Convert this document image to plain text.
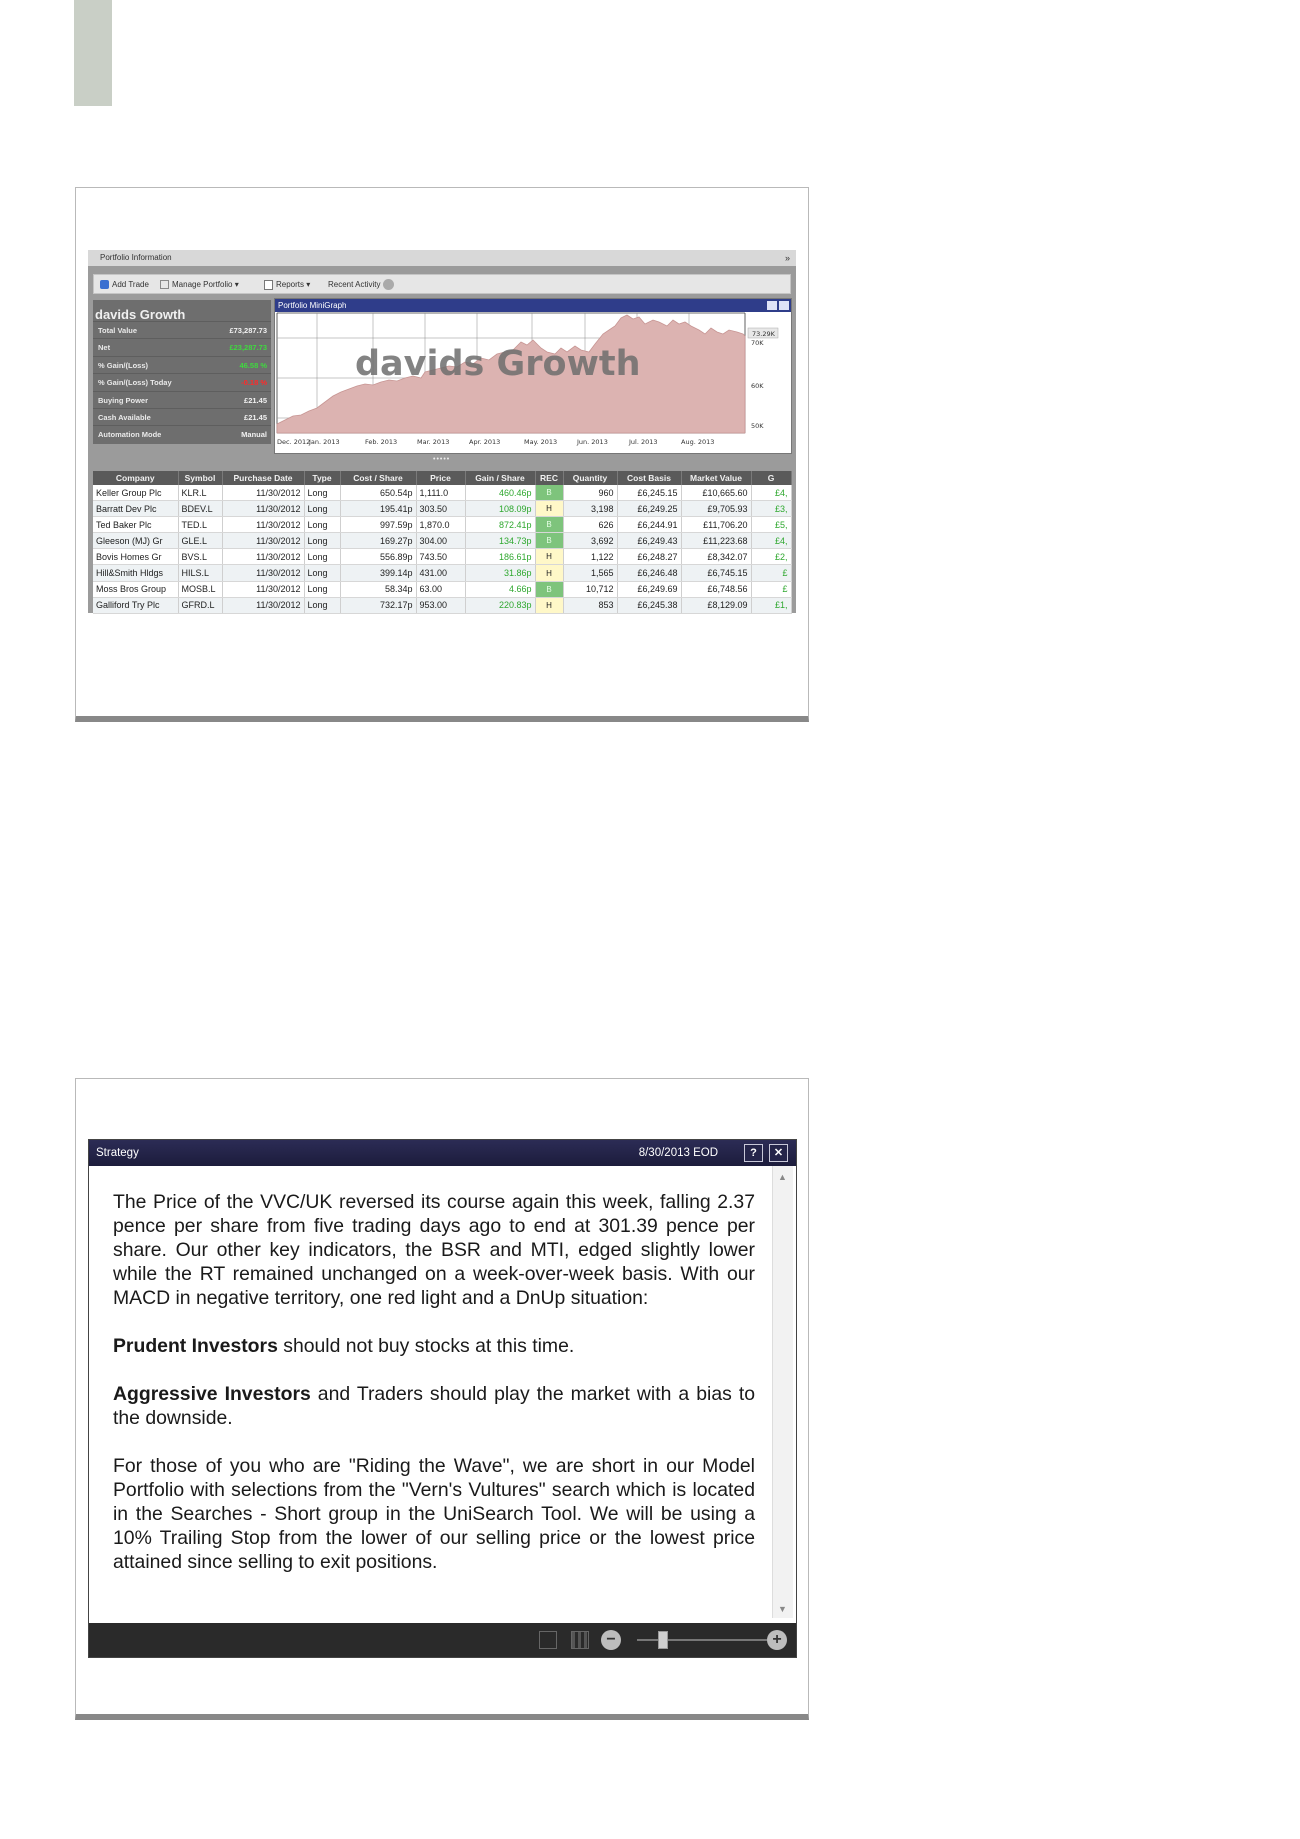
Portfolio Information	»
Add Trade	Manage Portfolio ▾	Reports ▾ Recent Activity
davids Growth
Total Value	£73,287.73
Net	£23,287.73
% Gain/(Loss)	46.58 %
% Gain/(Loss) Today	-0.18 %
Buying Power	£21.45
Cash Available	£21.45
Automation Mode	Manual
Portfolio MiniGraph
davids Growth
73.29K
70K
60K
50K
Dec. 2012
Jan. 2013	Feb. 2013	Mar. 2013	Apr. 2013	May. 2013	Jun. 2013	Jul. 2013	Aug. 2013
•••••
Company	Symbol	Purchase Date	Type	Cost / Share	Price	Gain / Share	REC	Quantity	Cost Basis	Market Value	G
Keller Group Plc	KLR.L	11/30/2012	Long	650.54p	1,111.0	460.46p	B	960	£6,245.15	£10,665.60	£4,
Barratt Dev Plc	BDEV.L	11/30/2012	Long	195.41p	303.50	108.09p	H	3,198	£6,249.25	£9,705.93	£3,
Ted Baker Plc	TED.L	11/30/2012	Long	997.59p	1,870.0	872.41p	B	626	£6,244.91	£11,706.20	£5,
Gleeson (MJ) Gr	GLE.L	11/30/2012	Long	169.27p	304.00	134.73p	B	3,692	£6,249.43	£11,223.68	£4,
Bovis Homes Gr	BVS.L	11/30/2012	Long	556.89p	743.50	186.61p	H	1,122	£6,248.27	£8,342.07	£2,
Hill&Smith Hldgs	HILS.L	11/30/2012	Long	399.14p	431.00	31.86p	H	1,565	£6,246.48	£6,745.15	£
Moss Bros Group	MOSB.L	11/30/2012	Long	58.34p	63.00	4.66p	B	10,712	£6,249.69	£6,748.56	£
Galliford Try Plc	GFRD.L	11/30/2012	Long	732.17p	953.00	220.83p	H	853	£6,245.38	£8,129.09	£1,
Strategy	8/30/2013 EOD	?	✕

The Price of the VVC/UK reversed its course again this week, falling 2.37 pence per share from five trading days ago to end at 301.39 pence per share. Our other key indicators, the BSR and MTI, edged slightly lower while the RT remained unchanged on a week-over-week basis. With our MACD in negative territory, one red light and a DnUp situation:

Prudent Investors should not buy stocks at this time.

Aggressive Investors and Traders should play the market with a bias to the downside.

For those of you who are "Riding the Wave", we are short in our Model Portfolio with selections from the "Vern's Vultures" search which is located in the Searches - Short group in the UniSearch Tool. We will be using a 10% Trailing Stop from the lower of our selling price or the lowest price attained since selling to exit positions.

▲
▼
−	+
